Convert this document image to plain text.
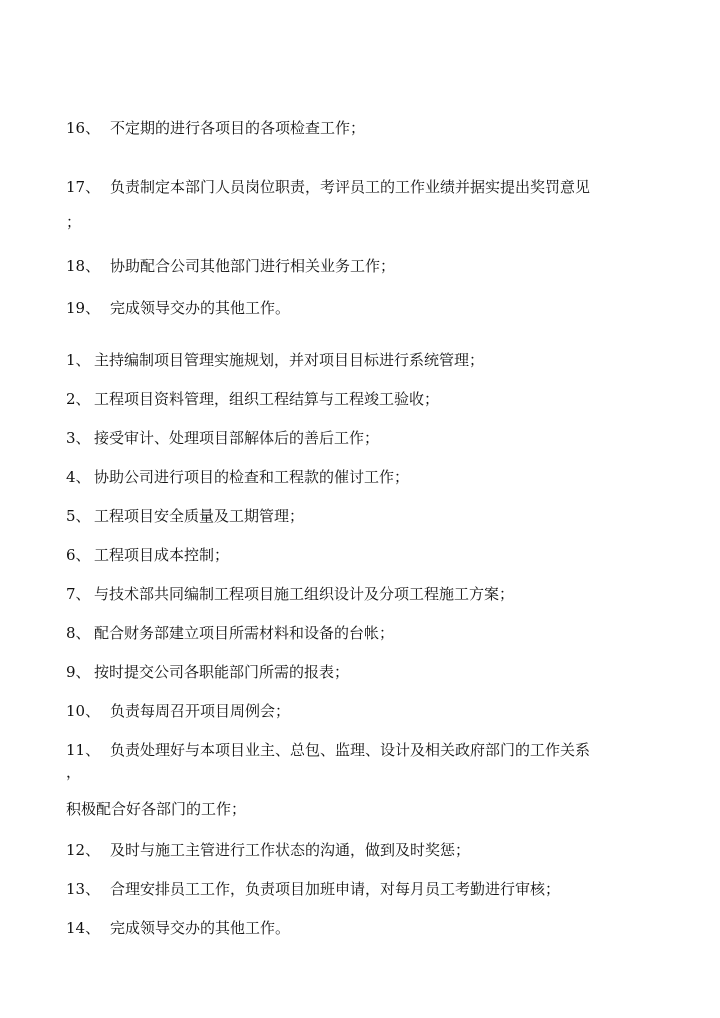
16、 不定期的进行各项目的各项检查工作；
17、 负责制定本部门人员岗位职责，考评员工的工作业绩并据实提出奖罚意见
；
18、 协助配合公司其他部门进行相关业务工作；
19、 完成领导交办的其他工作。
1、 主持编制项目管理实施规划，并对项目目标进行系统管理；
2、 工程项目资料管理，组织工程结算与工程竣工验收；
3、 接受审计、处理项目部解体后的善后工作；
4、 协助公司进行项目的检查和工程款的催讨工作；
5、 工程项目安全质量及工期管理；
6、 工程项目成本控制；
7、 与技术部共同编制工程项目施工组织设计及分项工程施工方案；
8、 配合财务部建立项目所需材料和设备的台帐；
9、 按时提交公司各职能部门所需的报表；
10、 负责每周召开项目周例会；
11、 负责处理好与本项目业主、总包、监理、设计及相关政府部门的工作关系
，
积极配合好各部门的工作；
12、 及时与施工主管进行工作状态的沟通，做到及时奖惩；
13、 合理安排员工工作，负责项目加班申请，对每月员工考勤进行审核；
14、 完成领导交办的其他工作。
